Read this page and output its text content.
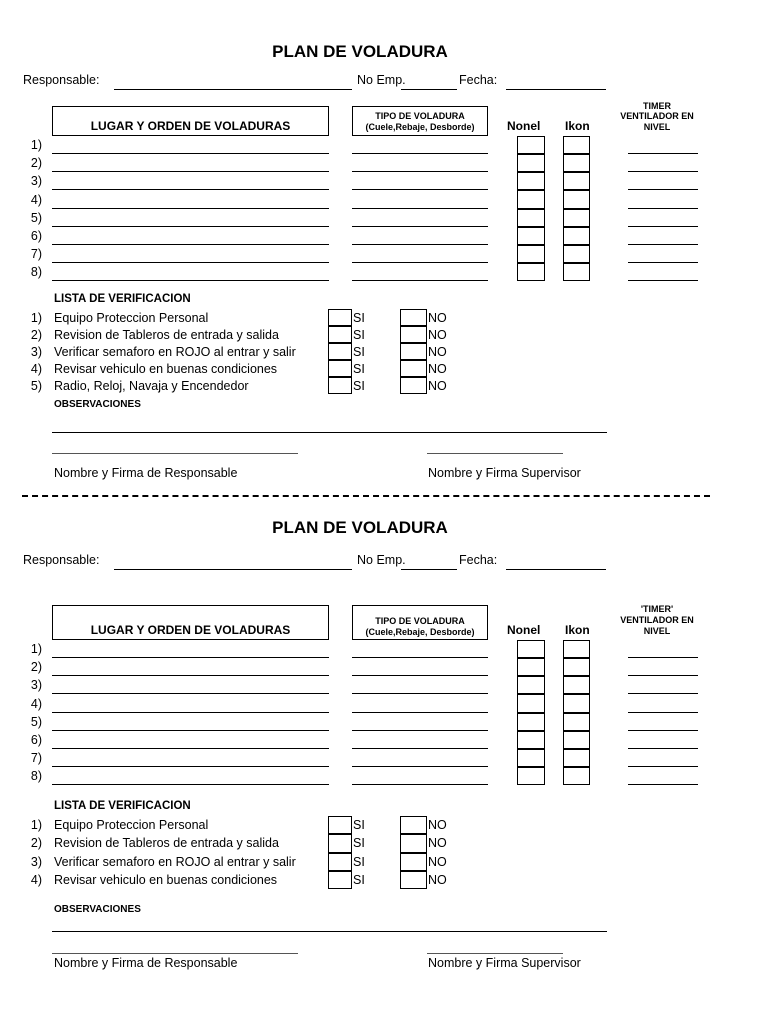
PLAN DE VOLADURA
Responsable:	No Emp.	Fecha:
LUGAR Y ORDEN DE VOLADURAS
TIPO DE VOLADURA
(Cuele,Rebaje, Desborde)	Nonel Ikon
TIMER
VENTILADOR EN
NIVEL
1)
2)
3)
4)
5)
6)
7)
8)
LISTA DE VERIFICACION
1) Equipo Proteccion Personal	SI	NO
2) Revision de Tableros de entrada y salida	SI	NO
3) Verificar semaforo en ROJO al entrar y salir	SI	NO
4) Revisar vehiculo en buenas condiciones	SI	NO
5) Radio, Reloj, Navaja y Encendedor	SI	NO
OBSERVACIONES
Nombre y Firma de Responsable	Nombre y Firma Supervisor
PLAN DE VOLADURA
Responsable:	No Emp.	Fecha:
LUGAR Y ORDEN DE VOLADURAS
TIPO DE VOLADURA
(Cuele,Rebaje, Desborde)	Nonel Ikon
'TIMER'
VENTILADOR EN
NIVEL
1)
2)
3)
4)
5)
6)
7)
8)
LISTA DE VERIFICACION
1) Equipo Proteccion Personal	SI	NO
2) Revision de Tableros de entrada y salida	SI	NO
3) Verificar semaforo en ROJO al entrar y salir	SI	NO
4) Revisar vehiculo en buenas condiciones	SI	NO
OBSERVACIONES
Nombre y Firma de Responsable	Nombre y Firma Supervisor
